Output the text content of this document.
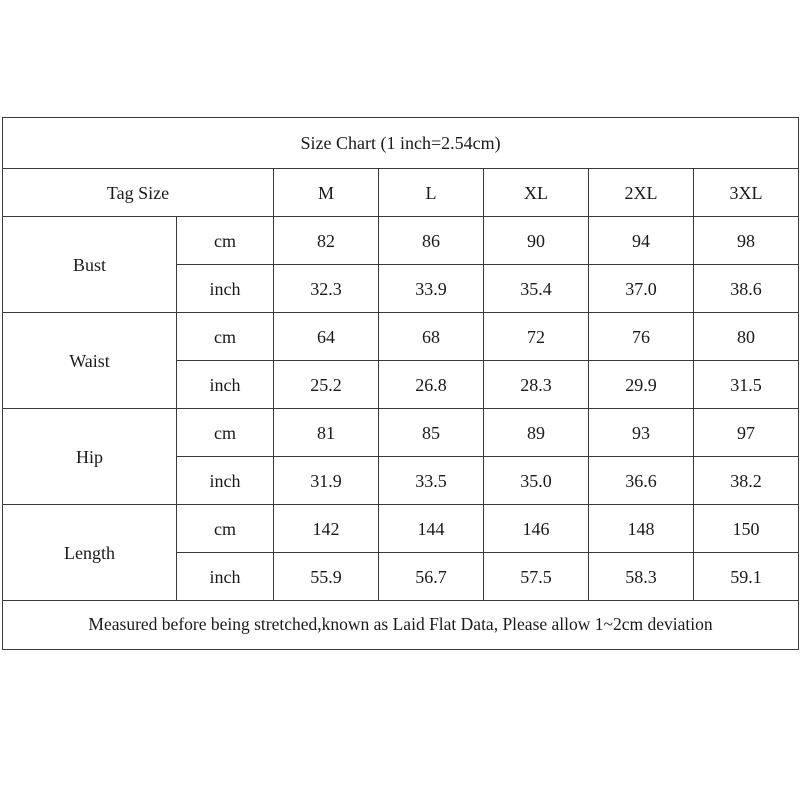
Size Chart (1 inch=2.54cm)						
Tag Size		M	L	XL	2XL	3XL
Bust	cm	82	86	90	94	98
	inch	32.3	33.9	35.4	37.0	38.6
Waist	cm	64	68	72	76	80
	inch	25.2	26.8	28.3	29.9	31.5
Hip	cm	81	85	89	93	97
	inch	31.9	33.5	35.0	36.6	38.2
Length	cm	142	144	146	148	150
	inch	55.9	56.7	57.5	58.3	59.1
Measured before being stretched,known as Laid Flat Data, Please allow 1~2cm deviation						
